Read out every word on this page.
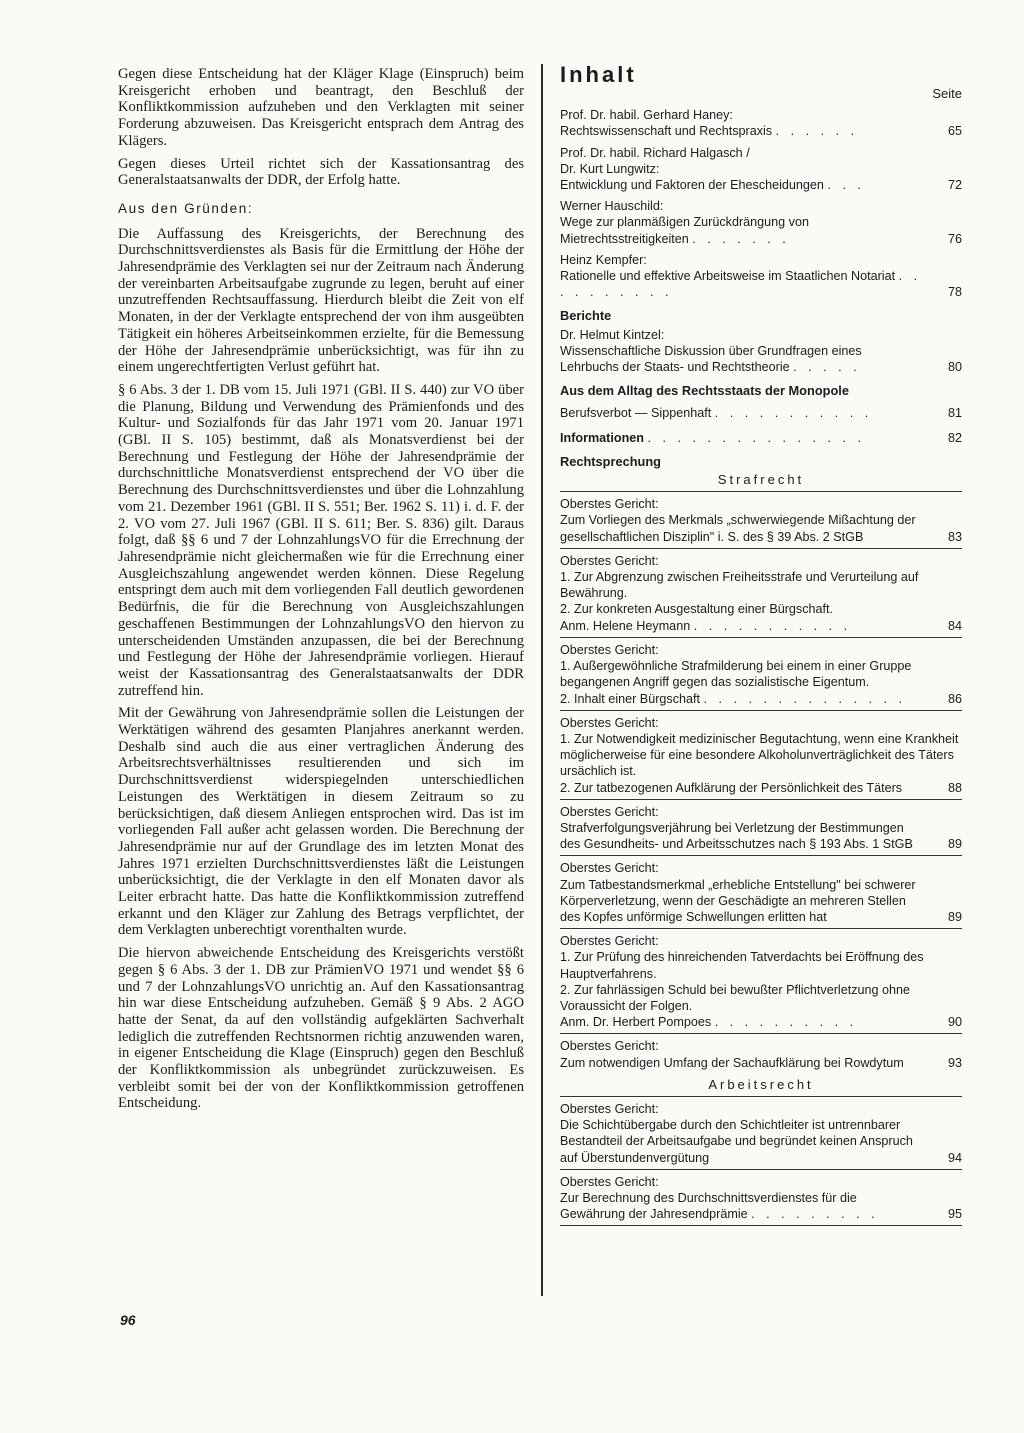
Gegen diese Entscheidung hat der Kläger Klage (Einspruch) beim Kreisgericht erhoben und beantragt, den Beschluß der Konfliktkommission aufzuheben und den Verklagten mit seiner Forderung abzuweisen. Das Kreisgericht entsprach dem Antrag des Klägers.

Gegen dieses Urteil richtet sich der Kassationsantrag des Generalstaatsanwalts der DDR, der Erfolg hatte.

Aus den Gründen:

Die Auffassung des Kreisgerichts, der Berechnung des Durchschnittsverdienstes als Basis für die Ermittlung der Höhe der Jahresendprämie des Verklagten sei nur der Zeitraum nach Änderung der vereinbarten Arbeitsaufgabe zugrunde zu legen, beruht auf einer unzutreffenden Rechtsauffassung. Hierdurch bleibt die Zeit von elf Monaten, in der der Verklagte entsprechend der von ihm ausgeübten Tätigkeit ein höheres Arbeitseinkommen erzielte, für die Bemessung der Höhe der Jahresendprämie unberücksichtigt, was für ihn zu einem ungerechtfertigten Verlust geführt hat.

§ 6 Abs. 3 der 1. DB vom 15. Juli 1971 (GBl. II S. 440) zur VO über die Planung, Bildung und Verwendung des Prämienfonds und des Kultur- und Sozialfonds für das Jahr 1971 vom 20. Januar 1971 (GBl. II S. 105) bestimmt, daß als Monatsverdienst bei der Berechnung und Festlegung der Höhe der Jahresendprämie der durchschnittliche Monatsverdienst entsprechend der VO über die Berechnung des Durchschnittsverdienstes und über die Lohnzahlung vom 21. Dezember 1961 (GBl. II S. 551; Ber. 1962 S. 11) i. d. F. der 2. VO vom 27. Juli 1967 (GBl. II S. 611; Ber. S. 836) gilt. Daraus folgt, daß §§ 6 und 7 der LohnzahlungsVO für die Errechnung der Jahresendprämie nicht gleichermaßen wie für die Errechnung einer Ausgleichszahlung angewendet werden können. Diese Regelung entspringt dem auch mit dem vorliegenden Fall deutlich gewordenen Bedürfnis, die für die Berechnung von Ausgleichszahlungen geschaffenen Bestimmungen der LohnzahlungsVO den hiervon zu unterscheidenden Umständen anzupassen, die bei der Berechnung und Festlegung der Höhe der Jahresendprämie vorliegen. Hierauf weist der Kassationsantrag des Generalstaatsanwalts der DDR zutreffend hin.

Mit der Gewährung von Jahresendprämie sollen die Leistungen der Werktätigen während des gesamten Planjahres anerkannt werden. Deshalb sind auch die aus einer vertraglichen Änderung des Arbeitsrechtsverhältnisses resultierenden und sich im Durchschnittsverdienst widerspiegelnden unterschiedlichen Leistungen des Werktätigen in diesem Zeitraum so zu berücksichtigen, daß diesem Anliegen entsprochen wird. Das ist im vorliegenden Fall außer acht gelassen worden. Die Berechnung der Jahresendprämie nur auf der Grundlage des im letzten Monat des Jahres 1971 erzielten Durchschnittsverdienstes läßt die Leistungen unberücksichtigt, die der Verklagte in den elf Monaten davor als Leiter erbracht hatte. Das hatte die Konfliktkommission zutreffend erkannt und den Kläger zur Zahlung des Betrags verpflichtet, der dem Verklagten unberechtigt vorenthalten wurde.

Die hiervon abweichende Entscheidung des Kreisgerichts verstößt gegen § 6 Abs. 3 der 1. DB zur PrämienVO 1971 und wendet §§ 6 und 7 der LohnzahlungsVO unrichtig an. Auf den Kassationsantrag hin war diese Entscheidung aufzuheben. Gemäß § 9 Abs. 2 AGO hatte der Senat, da auf den vollständig aufgeklärten Sachverhalt lediglich die zutreffenden Rechtsnormen richtig anzuwenden waren, in eigener Entscheidung die Klage (Einspruch) gegen den Beschluß der Konfliktkommission als unbegründet zurückzuweisen. Es verbleibt somit bei der von der Konfliktkommission getroffenen Entscheidung.

96
Inhalt
Seite
Prof. Dr. habil. Gerhard Haney:
Rechtswissenschaft und Rechtspraxis . . . . . .	65
Prof. Dr. habil. Richard Halgasch /
Dr. Kurt Lungwitz:
Entwicklung und Faktoren der Ehescheidungen . . .	72
Werner Hauschild:
Wege zur planmäßigen Zurückdrängung von Mietrechtsstreitigkeiten . . . . . . .	76
Heinz Kempfer:
Rationelle und effektive Arbeitsweise im Staatlichen Notariat . . . . . . . . . .	78
Berichte
Dr. Helmut Kintzel:
Wissenschaftliche Diskussion über Grundfragen eines Lehrbuchs der Staats- und Rechtstheorie . . . . .	80
Aus dem Alltag des Rechtsstaats der Monopole
Berufsverbot — Sippenhaft . . . . . . . . . . .	81
Informationen . . . . . . . . . . . . . . .	82
Rechtsprechung
Strafrecht
Oberstes Gericht:
Zum Vorliegen des Merkmals „schwerwiegende Mißachtung der gesellschaftlichen Disziplin" i. S. des § 39 Abs. 2 StGB	83
Oberstes Gericht:
1. Zur Abgrenzung zwischen Freiheitsstrafe und Verurteilung auf Bewährung.
2. Zur konkreten Ausgestaltung einer Bürgschaft.
Anm. Helene Heymann . . . . . . . . . . .	84
Oberstes Gericht:
1. Außergewöhnliche Strafmilderung bei einem in einer Gruppe begangenen Angriff gegen das sozialistische Eigentum.
2. Inhalt einer Bürgschaft . . . . . . . . . . . . . .	86
Oberstes Gericht:
1. Zur Notwendigkeit medizinischer Begutachtung, wenn eine Krankheit möglicherweise für eine besondere Alkoholunverträglichkeit des Täters ursächlich ist.
2. Zur tatbezogenen Aufklärung der Persönlichkeit des Täters	88
Oberstes Gericht:
Strafverfolgungsverjährung bei Verletzung der Bestimmungen des Gesundheits- und Arbeitsschutzes nach § 193 Abs. 1 StGB	89
Oberstes Gericht:
Zum Tatbestandsmerkmal „erhebliche Entstellung" bei schwerer Körperverletzung, wenn der Geschädigte an mehreren Stellen des Kopfes unförmige Schwellungen erlitten hat	89
Oberstes Gericht:
1. Zur Prüfung des hinreichenden Tatverdachts bei Eröffnung des Hauptverfahrens.
2. Zur fahrlässigen Schuld bei bewußter Pflichtverletzung ohne Voraussicht der Folgen.
Anm. Dr. Herbert Pompoes . . . . . . . . . .	90
Oberstes Gericht:
Zum notwendigen Umfang der Sachaufklärung bei Rowdytum	93
Arbeitsrecht
Oberstes Gericht:
Die Schichtübergabe durch den Schichtleiter ist untrennbarer Bestandteil der Arbeitsaufgabe und begründet keinen Anspruch auf Überstundenvergütung	94
Oberstes Gericht:
Zur Berechnung des Durchschnittsverdienstes für die Gewährung der Jahresendprämie . . . . . . . . .	95
